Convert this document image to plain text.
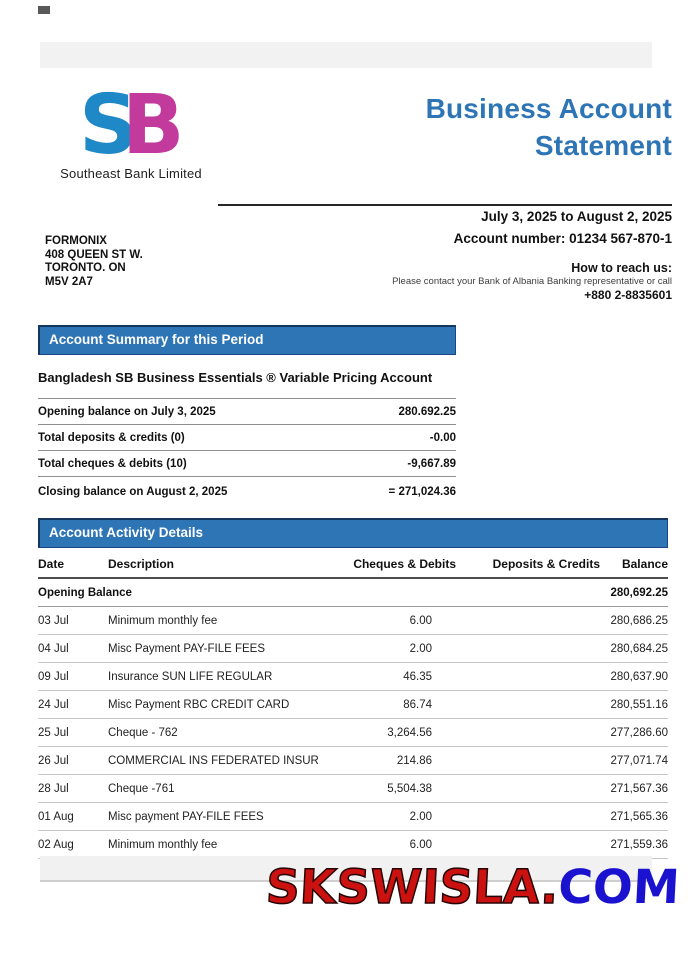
S
B
Southeast Bank Limited
Business Account
Statement
July 3, 2025 to August 2, 2025
Account number: 01234 567-870-1
FORMONIX
408 QUEEN ST W.
TORONTO. ON
M5V 2A7
How to reach us:
Please contact your Bank of Albania Banking representative or call
+880 2-8835601
Account Summary for this Period
Bangladesh SB Business Essentials ® Variable Pricing Account
Opening balance on July 3, 2025	280.692.25
Total deposits & credits (0)	-0.00
Total cheques & debits (10)	-9,667.89
Closing balance on August 2, 2025	= 271,024.36
Account Activity Details
Date	Description	Cheques & Debits	Deposits & Credits	Balance
Opening Balance				280,692.25
03 Jul	Minimum monthly fee	6.00		280,686.25
04 Jul	Misc Payment PAY-FILE FEES	2.00		280,684.25
09 Jul	Insurance SUN LIFE REGULAR	46.35		280,637.90
24 Jul	Misc Payment RBC CREDIT CARD	86.74		280,551.16
25 Jul	Cheque - 762	3,264.56		277,286.60
26 Jul	COMMERCIAL INS FEDERATED INSUR	214.86		277,071.74
28 Jul	Cheque -761	5,504.38		271,567.36
01 Aug	Misc payment PAY-FILE FEES	2.00		271,565.36
02 Aug	Minimum monthly fee	6.00		271,559.36
SKSWISLA.COM
